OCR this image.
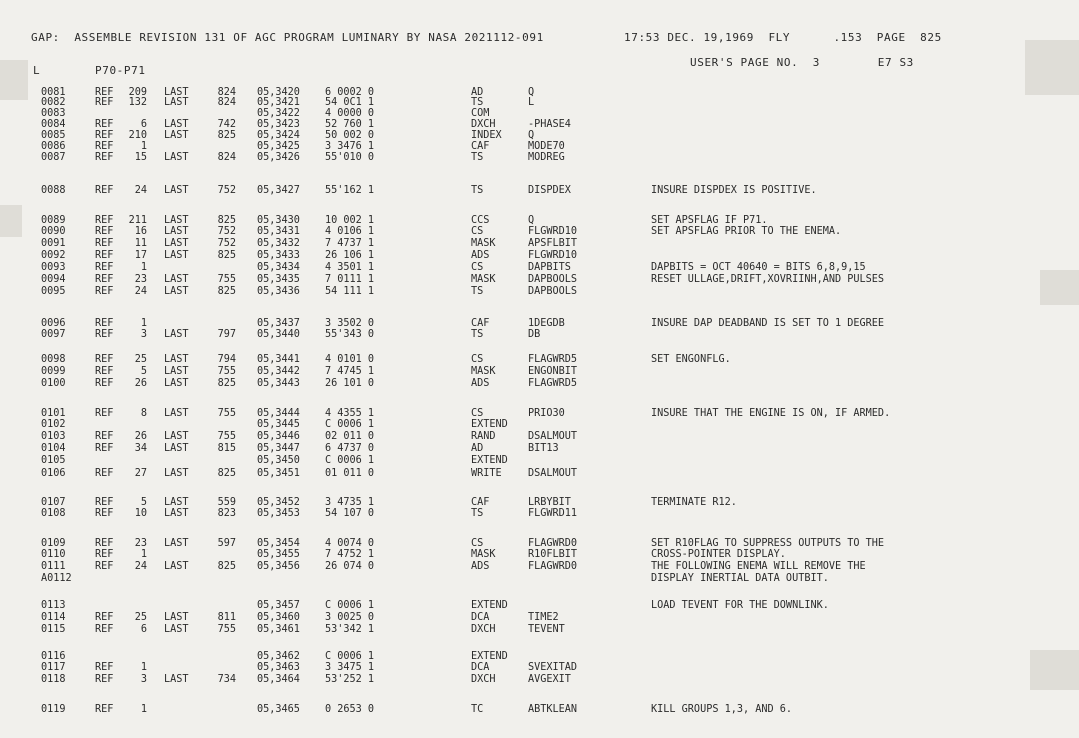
GAP:  ASSEMBLE REVISION 131 OF AGC PROGRAM LUMINARY BY NASA 2021112-091	17:53 DEC. 19,1969  FLY      .153  PAGE  825
USER'S PAGE NO.  3        E7 S3
L	P70-P71
0081	REF	209 LAST	824 05,3420 6 0002 0	AD	Q
0082	REF	132 LAST	824 05,3421 54 0C1 1	TS	L
0083	05,3422 4 0000 0	COM
0084	REF	6 LAST	742 05,3423 52 760 1	DXCH	-PHASE4
0085	REF	210 LAST	825 05,3424 50 002 0	INDEX	Q
0086	REF	1	05,3425 3 3476 1	CAF	MODE70
0087	REF	15 LAST	824 05,3426 55'010 0	TS	MODREG
0088	REF	24 LAST	752 05,3427 55'162 1	TS	DISPDEX	INSURE DISPDEX IS POSITIVE.
0089	REF	211 LAST	825 05,3430 10 002 1	CCS	Q	SET APSFLAG IF P71.
0090	REF	16 LAST	752 05,3431 4 0106 1	CS	FLGWRD10	SET APSFLAG PRIOR TO THE ENEMA.
0091	REF	11 LAST	752 05,3432 7 4737 1	MASK	APSFLBIT
0092	REF	17 LAST	825 05,3433 26 106 1	ADS	FLGWRD10
0093	REF	1	05,3434 4 3501 1	CS	DAPBITS	DAPBITS = OCT 40640 = BITS 6,8,9,15
0094	REF	23 LAST	755 05,3435 7 0111 1	MASK	DAPBOOLS	RESET ULLAGE,DRIFT,XOVRIINH,AND PULSES
0095	REF	24 LAST	825 05,3436 54 111 1	TS	DAPBOOLS
0096	REF	1	05,3437 3 3502 0	CAF	1DEGDB	INSURE DAP DEADBAND IS SET TO 1 DEGREE
0097	REF	3 LAST	797 05,3440 55'343 0	TS	DB
0098	REF	25 LAST	794 05,3441 4 0101 0	CS	FLAGWRD5	SET ENGONFLG.
0099	REF	5 LAST	755 05,3442 7 4745 1	MASK	ENGONBIT
0100	REF	26 LAST	825 05,3443 26 101 0	ADS	FLAGWRD5
0101	REF	8 LAST	755 05,3444 4 4355 1	CS	PRIO30	INSURE THAT THE ENGINE IS ON, IF ARMED.
0102	05,3445 C 0006 1	EXTEND
0103	REF	26 LAST	755 05,3446 02 011 0	RAND	DSALMOUT
0104	REF	34 LAST	815 05,3447 6 4737 0	AD	BIT13
0105	05,3450 C 0006 1	EXTEND
0106	REF	27 LAST	825 05,3451 01 011 0	WRITE	DSALMOUT
0107	REF	5 LAST	559 05,3452 3 4735 1	CAF	LRBYBIT	TERMINATE R12.
0108	REF	10 LAST	823 05,3453 54 107 0	TS	FLGWRD11
0109	REF	23 LAST	597 05,3454 4 0074 0	CS	FLAGWRD0	SET R10FLAG TO SUPPRESS OUTPUTS TO THE
0110	REF	1	05,3455 7 4752 1	MASK	R10FLBIT	CROSS-POINTER DISPLAY.
0111	REF	24 LAST	825 05,3456 26 074 0	ADS	FLAGWRD0	THE FOLLOWING ENEMA WILL REMOVE THE
A0112	DISPLAY INERTIAL DATA OUTBIT.
0113	05,3457 C 0006 1	EXTEND	LOAD TEVENT FOR THE DOWNLINK.
0114	REF	25 LAST	811 05,3460 3 0025 0	DCA	TIME2
0115	REF	6 LAST	755 05,3461 53'342 1	DXCH	TEVENT
0116	05,3462 C 0006 1	EXTEND
0117	REF	1	05,3463 3 3475 1	DCA	SVEXITAD
0118	REF	3 LAST	734 05,3464 53'252 1	DXCH	AVGEXIT
0119	REF	1	05,3465 0 2653 0	TC	ABTKLEAN	KILL GROUPS 1,3, AND 6.
